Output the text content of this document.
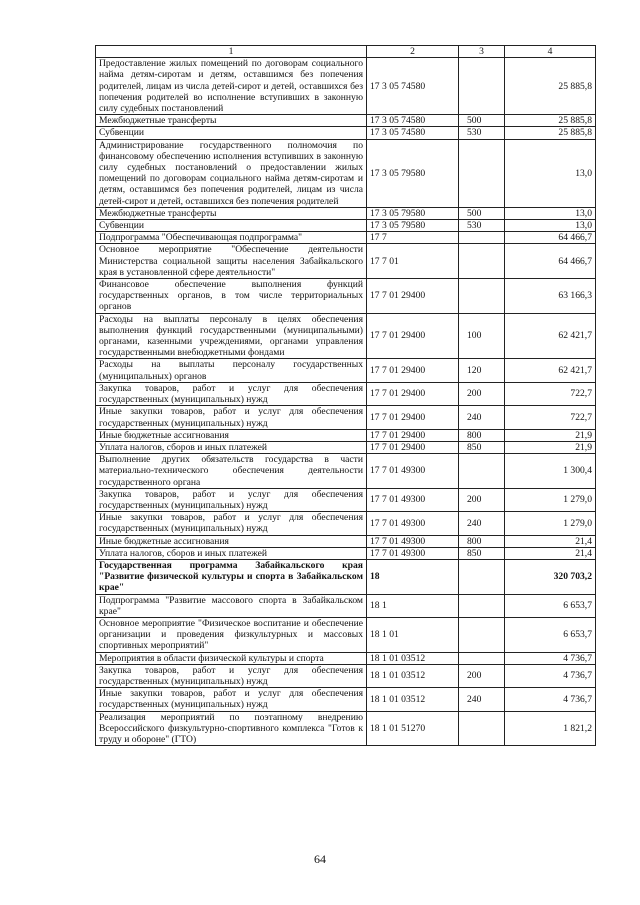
1	2	3	4
Предоставление жилых помещений по договорам социального найма детям-сиротам и детям, оставшимся без попечения родителей, лицам из числа детей-сирот и детей, оставшихся без попечения родителей во исполнение вступивших в законную силу судебных постановлений	17 3 05 74580		25 885,8
Межбюджетные трансферты	17 3 05 74580	500	25 885,8
Субвенции	17 3 05 74580	530	25 885,8
Администрирование государственного полномочия по финансовому обеспечению исполнения вступивших в законную силу судебных постановлений о предоставлении жилых помещений по договорам социального найма детям-сиротам и детям, оставшимся без попечения родителей, лицам из числа детей-сирот и детей, оставшихся без попечения родителей	17 3 05 79580		13,0
Межбюджетные трансферты	17 3 05 79580	500	13,0
Субвенции	17 3 05 79580	530	13,0
Подпрограмма "Обеспечивающая подпрограмма"	17 7		64 466,7
Основное мероприятие "Обеспечение деятельности Министерства социальной защиты населения Забайкальского края в установленной сфере деятельности"	17 7 01		64 466,7
Финансовое обеспечение выполнения функций государственных органов, в том числе территориальных органов	17 7 01 29400		63 166,3
Расходы на выплаты персоналу в целях обеспечения выполнения функций государственными (муниципальными) органами, казенными учреждениями, органами управления государственными внебюджетными фондами	17 7 01 29400	100	62 421,7
Расходы на выплаты персоналу государственных (муниципальных) органов	17 7 01 29400	120	62 421,7
Закупка товаров, работ и услуг для обеспечения государственных (муниципальных) нужд	17 7 01 29400	200	722,7
Иные закупки товаров, работ и услуг для обеспечения государственных (муниципальных) нужд	17 7 01 29400	240	722,7
Иные бюджетные ассигнования	17 7 01 29400	800	21,9
Уплата налогов, сборов и иных платежей	17 7 01 29400	850	21,9
Выполнение других обязательств государства в части материально-технического обеспечения деятельности государственного органа	17 7 01 49300		1 300,4
Закупка товаров, работ и услуг для обеспечения государственных (муниципальных) нужд	17 7 01 49300	200	1 279,0
Иные закупки товаров, работ и услуг для обеспечения государственных (муниципальных) нужд	17 7 01 49300	240	1 279,0
Иные бюджетные ассигнования	17 7 01 49300	800	21,4
Уплата налогов, сборов и иных платежей	17 7 01 49300	850	21,4
Государственная программа Забайкальского края "Развитие физической культуры и спорта в Забайкальском крае"	18		320 703,2
Подпрограмма "Развитие массового спорта в Забайкальском крае"	18 1		6 653,7
Основное мероприятие "Физическое воспитание и обеспечение организации и проведения физкультурных и массовых спортивных мероприятий"	18 1 01		6 653,7
Мероприятия в области физической культуры и спорта	18 1 01 03512		4 736,7
Закупка товаров, работ и услуг для обеспечения государственных (муниципальных) нужд	18 1 01 03512	200	4 736,7
Иные закупки товаров, работ и услуг для обеспечения государственных (муниципальных) нужд	18 1 01 03512	240	4 736,7
Реализация мероприятий по поэтапному внедрению Всероссийского физкультурно-спортивного комплекса "Готов к труду и обороне" (ГТО)	18 1 01 51270		1 821,2
64
